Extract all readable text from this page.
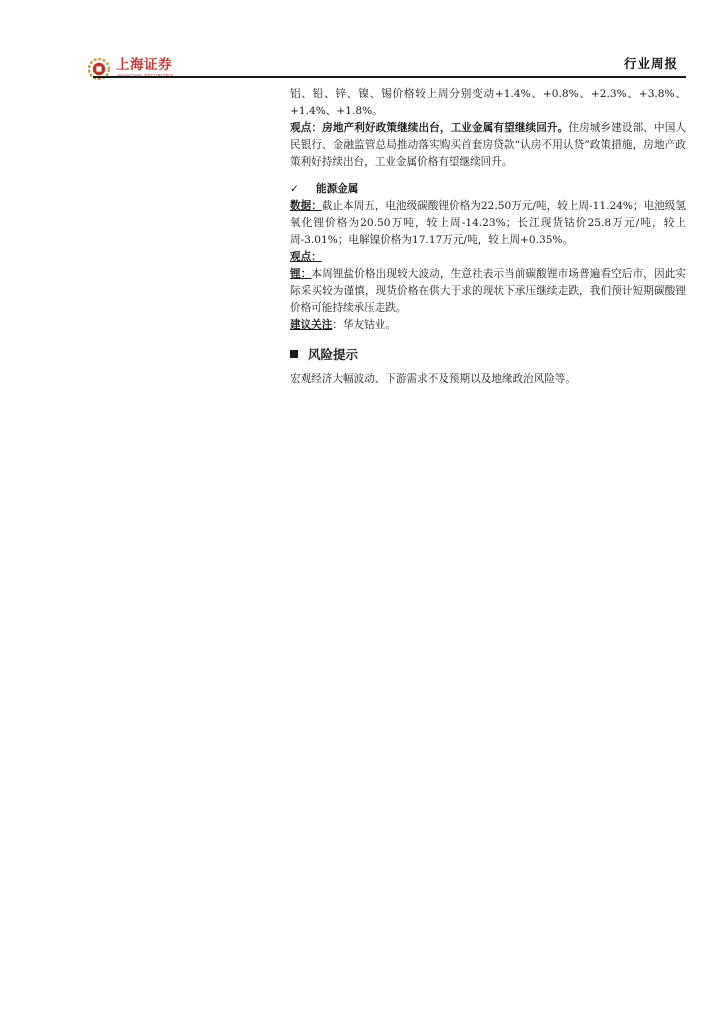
上海证券	行业周报

铝、铅、锌、镍、锡价格较上周分别变动+1.4%、+0.8%、+2.3%、+3.8%、+1.4%、+1.8%。

观点：房地产利好政策继续出台，工业金属有望继续回升。住房城乡建设部、中国人民银行、金融监管总局推动落实购买首套房贷款“认房不用认贷”政策措施，房地产政策利好持续出台，工业金属价格有望继续回升。

✓ 能源金属

数据：截止本周五，电池级碳酸锂价格为22.50万元/吨，较上周-11.24%；电池级氢氧化锂价格为20.50万吨，较上周-14.23%；长江现货钴价25.8万元/吨，较上周-3.01%；电解镍价格为17.17万元/吨，较上周+0.35%。

观点：

锂：本周锂盐价格出现较大波动，生意社表示当前碳酸锂市场普遍看空后市，因此实际采买较为谨慎，现货价格在供大于求的现状下承压继续走跌，我们预计短期碳酸锂价格可能持续承压走跌。

建议关注：华友钴业。

风险提示

宏观经济大幅波动、下游需求不及预期以及地缘政治风险等。
